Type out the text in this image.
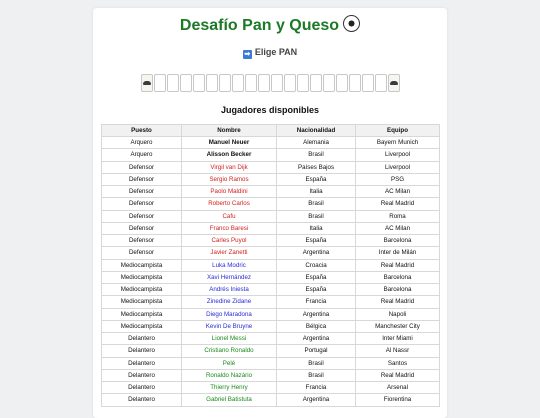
Desafío Pan y Queso
➡ Elige PAN
Jugadores disponibles
Puesto	Nombre	Nacionalidad	Equipo
Arquero	Manuel Neuer	Alemania	Bayern Munich
Arquero	Alisson Becker	Brasil	Liverpool
Defensor	Virgil van Dijk	Países Bajos	Liverpool
Defensor	Sergio Ramos	España	PSG
Defensor	Paolo Maldini	Italia	AC Milan
Defensor	Roberto Carlos	Brasil	Real Madrid
Defensor	Cafu	Brasil	Roma
Defensor	Franco Baresi	Italia	AC Milan
Defensor	Carles Puyol	España	Barcelona
Defensor	Javier Zanetti	Argentina	Inter de Milán
Mediocampista	Luka Modric	Croacia	Real Madrid
Mediocampista	Xavi Hernández	España	Barcelona
Mediocampista	Andrés Iniesta	España	Barcelona
Mediocampista	Zinedine Zidane	Francia	Real Madrid
Mediocampista	Diego Maradona	Argentina	Napoli
Mediocampista	Kevin De Bruyne	Bélgica	Manchester City
Delantero	Lionel Messi	Argentina	Inter Miami
Delantero	Cristiano Ronaldo	Portugal	Al Nassr
Delantero	Pelé	Brasil	Santos
Delantero	Ronaldo Nazário	Brasil	Real Madrid
Delantero	Thierry Henry	Francia	Arsenal
Delantero	Gabriel Batistuta	Argentina	Fiorentina
